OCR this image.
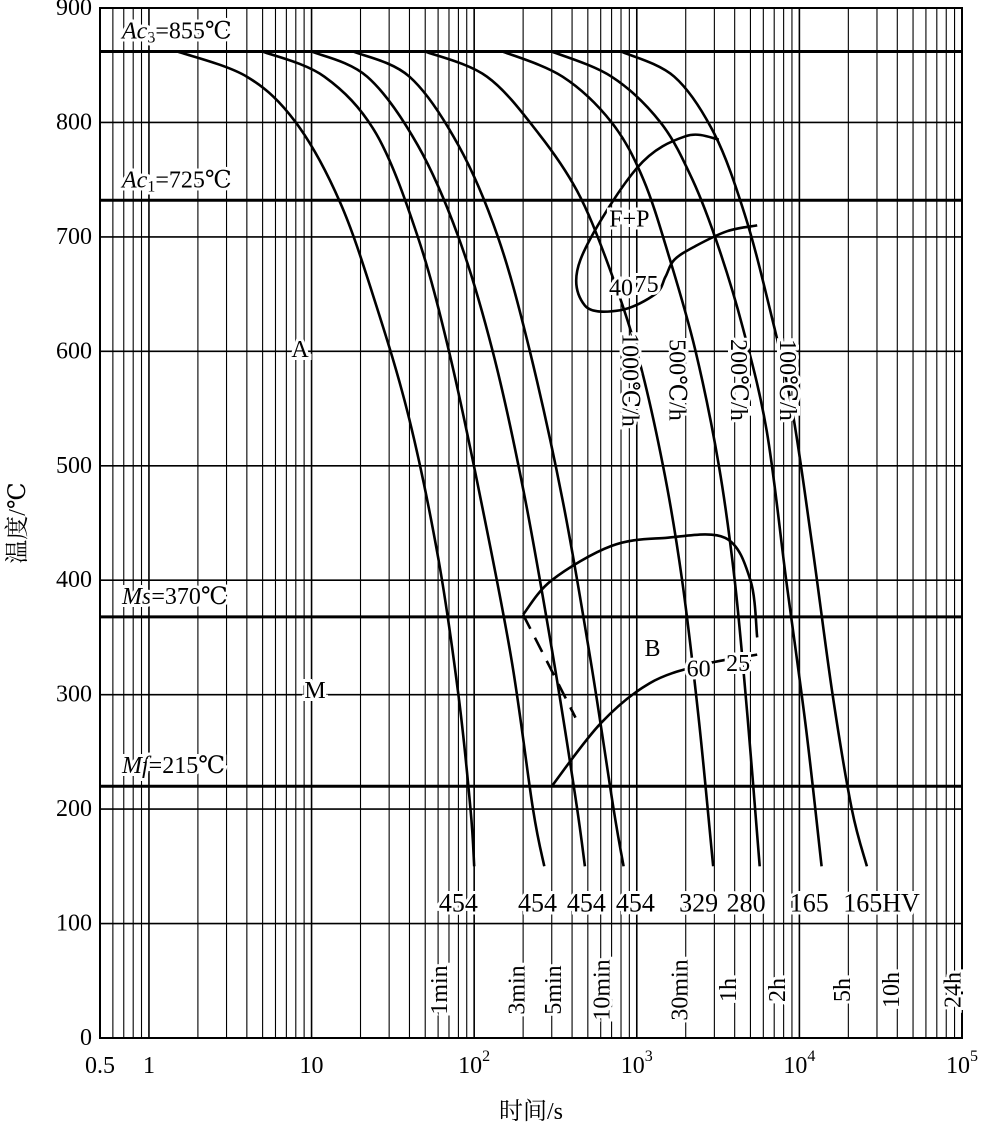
$Ac_3=855℃$
$Ac_1=725℃$
Ms=370℃
Mf=215℃
A
M
B
F+P
1000℃/h 500℃/h 200℃/h 100℃/h
454 454 454 454 329 280 165 165HV
40 75
60 25
1min 3min 5min 10min 30min 1h 2h 5h 10h 24h
0
100
200
300
400
500
600
700
800
900
0.5 1	10	$10^2$	$10^3$	$10^4$	$10^5$
时间/s
温度/℃
